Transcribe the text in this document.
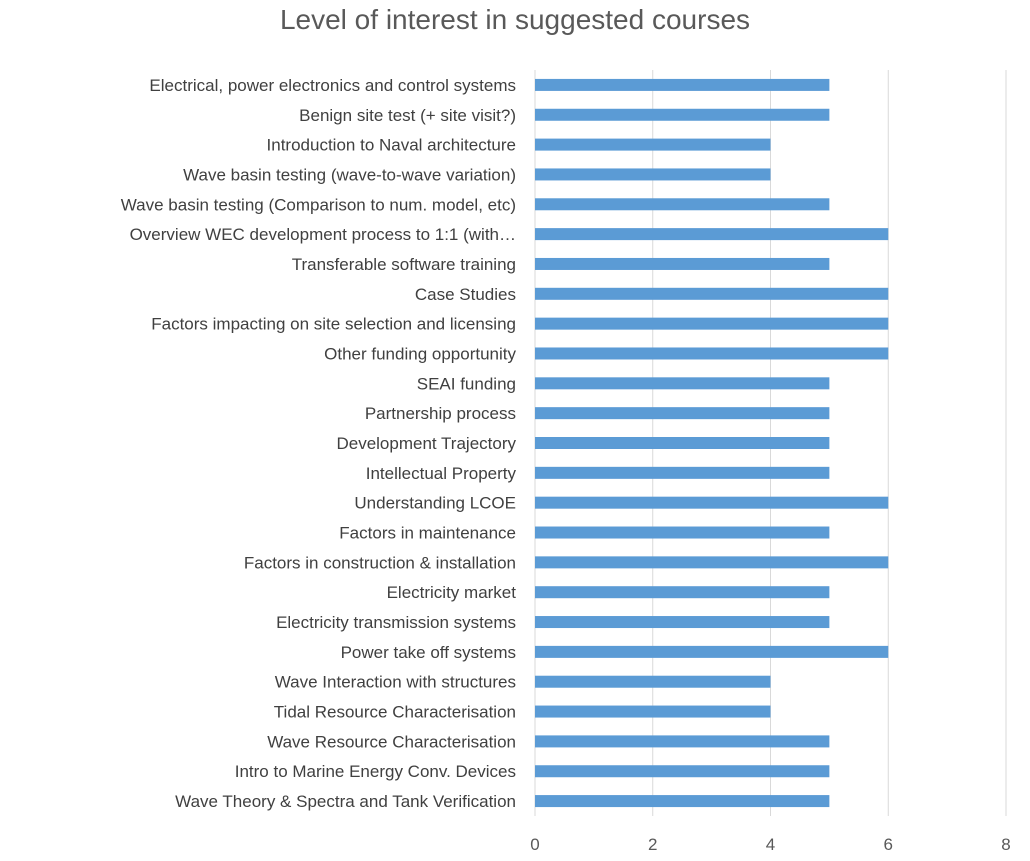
Level of interest in suggested courses
Electrical, power electronics and control systems
Benign site test (+ site visit?)
Introduction to Naval architecture
Wave basin testing (wave-to-wave variation)
Wave basin testing (Comparison to num. model, etc)
Overview WEC development process to 1:1 (with…
Transferable software training
Case Studies
Factors impacting on site selection and licensing
Other funding opportunity
SEAI funding
Partnership process
Development Trajectory
Intellectual Property
Understanding LCOE
Factors in maintenance
Factors in construction & installation
Electricity market
Electricity transmission systems
Power take off systems
Wave Interaction with structures
Tidal Resource Characterisation
Wave Resource Characterisation
Intro to Marine Energy Conv. Devices
Wave Theory & Spectra and Tank Verification
0	2	4	6	8
